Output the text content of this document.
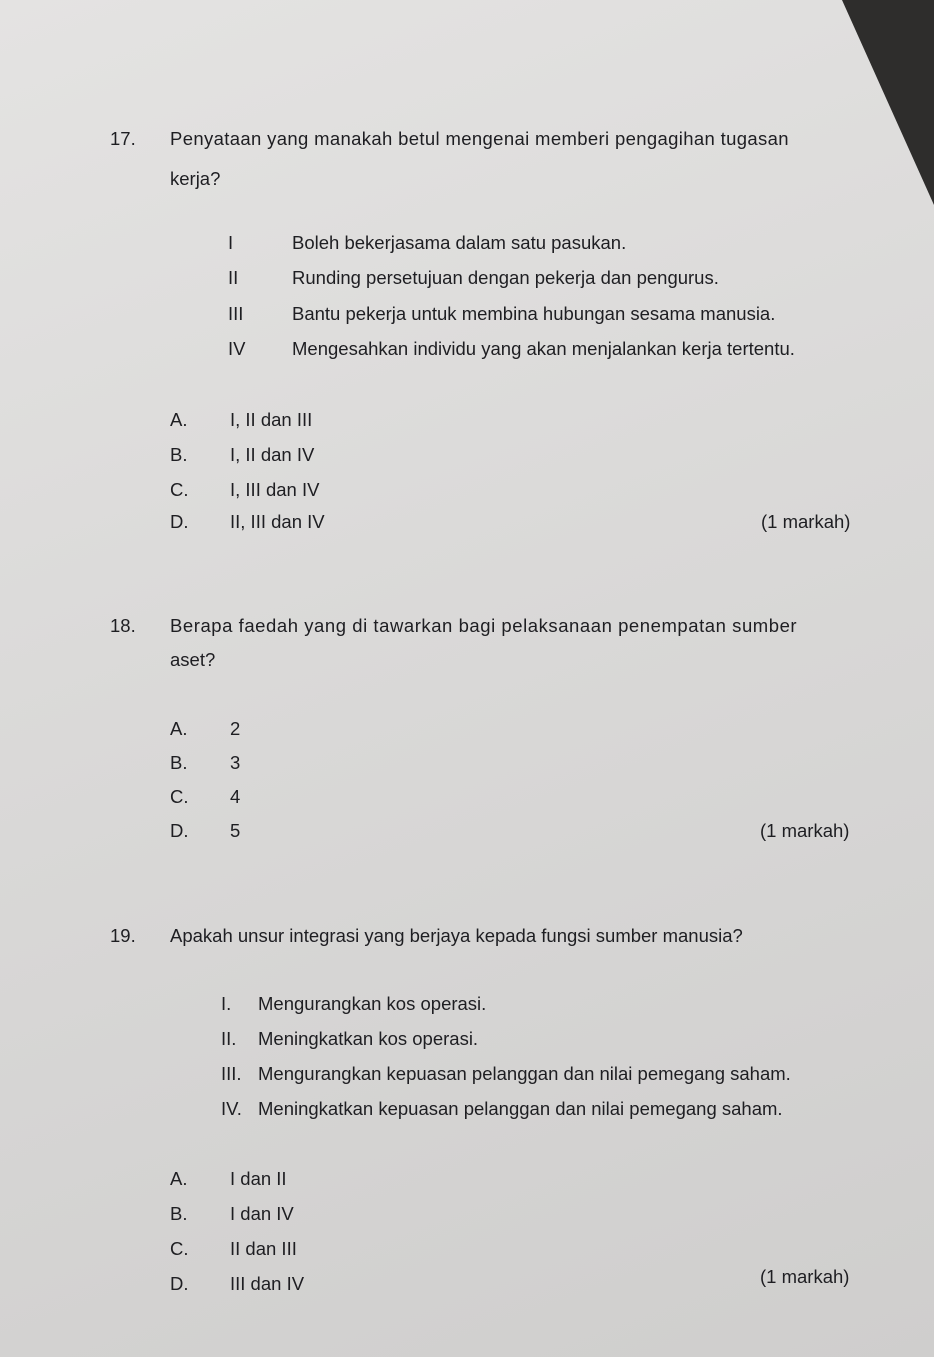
17. Penyataan yang manakah betul mengenai memberi pengagihan tugasan
kerja?
I	Boleh bekerjasama dalam satu pasukan.
II	Runding persetujuan dengan pekerja dan pengurus.
III	Bantu pekerja untuk membina hubungan sesama manusia.
IV	Mengesahkan individu yang akan menjalankan kerja tertentu.
A. I, II dan III
B. I, II dan IV
C. I, III dan IV
D. II, III dan IV	(1 markah)
18. Berapa faedah yang di tawarkan bagi pelaksanaan penempatan sumber
aset?
A. 2
B. 3
C. 4
D. 5	(1 markah)
19. Apakah unsur integrasi yang berjaya kepada fungsi sumber manusia?
I. Mengurangkan kos operasi.
II. Meningkatkan kos operasi.
III. Mengurangkan kepuasan pelanggan dan nilai pemegang saham.
IV. Meningkatkan kepuasan pelanggan dan nilai pemegang saham.
A. I dan II
B. I dan IV
C. II dan III
D. III dan IV	(1 markah)
